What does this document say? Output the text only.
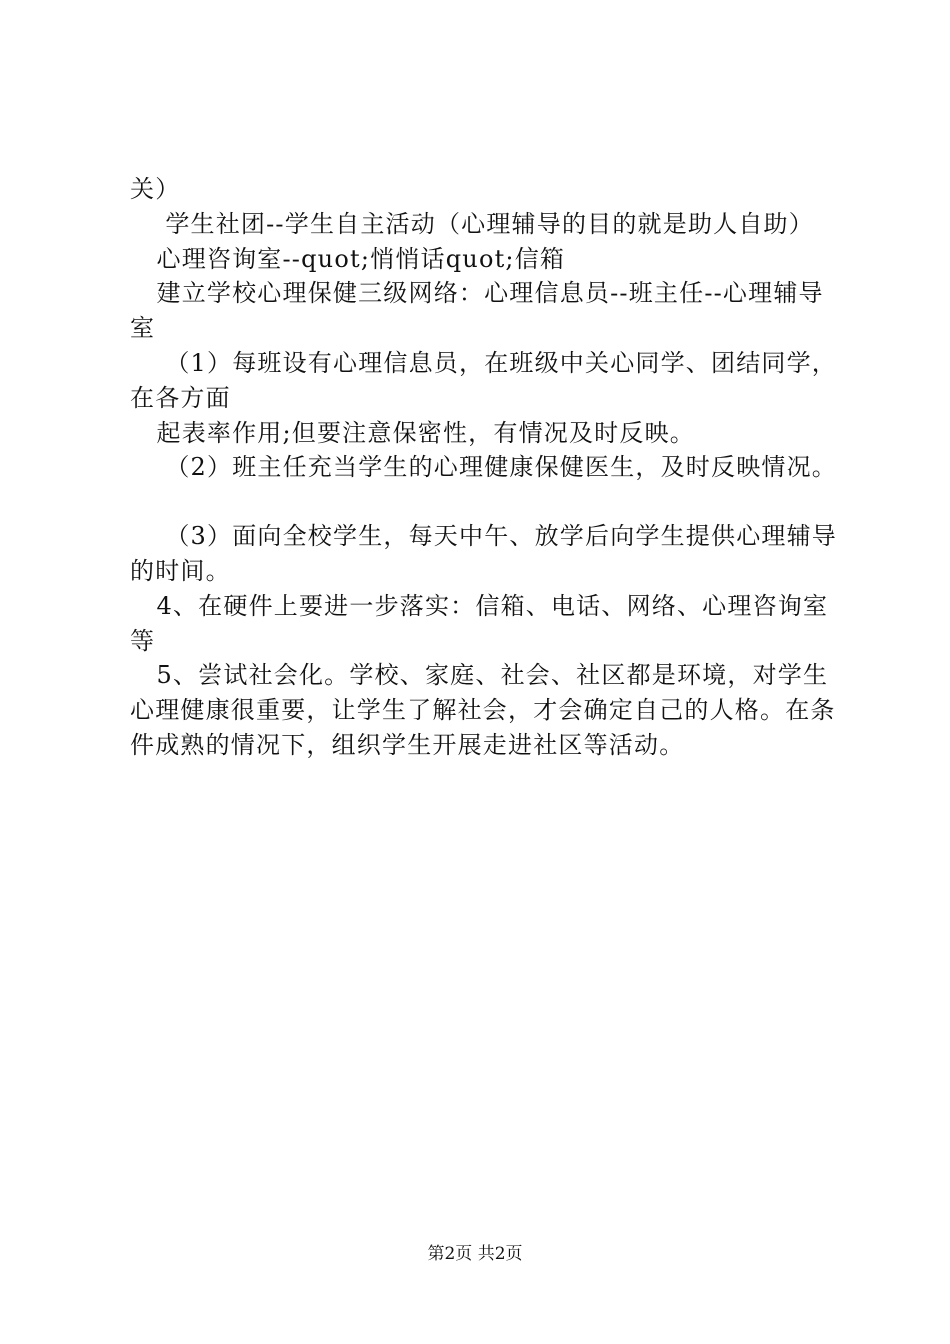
关）

学生社团--学生自主活动（心理辅导的目的就是助人自助）

心理咨询室--quot;悄悄话quot;信箱

建立学校心理保健三级网络：心理信息员--班主任--心理辅导室

（1）每班设有心理信息员，在班级中关心同学、团结同学，在各方面

起表率作用;但要注意保密性，有情况及时反映。

（2）班主任充当学生的心理健康保健医生，及时反映情况。

（3）面向全校学生，每天中午、放学后向学生提供心理辅导的时间。

4、在硬件上要进一步落实：信箱、电话、网络、心理咨询室等

5、尝试社会化。学校、家庭、社会、社区都是环境，对学生心理健康很重要，让学生了解社会，才会确定自己的人格。在条件成熟的情况下，组织学生开展走进社区等活动。

第2页 共2页
